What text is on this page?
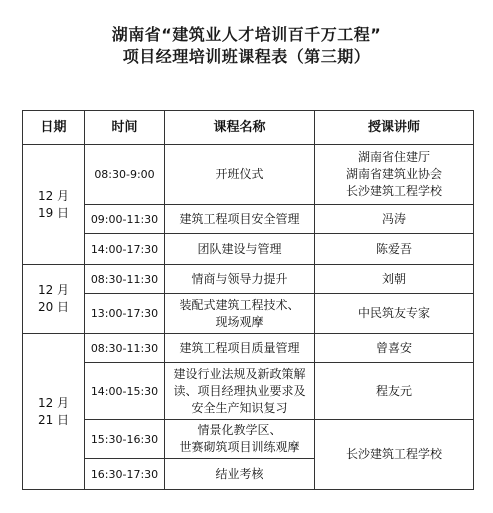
湖南省“建筑业人才培训百千万工程”
项目经理培训班课程表（第三期）
日期	时间	课程名称	授课讲师

12 月
19 日	08:30-9:00	开班仪式	湖南省住建厅
湖南省建筑业协会
长沙建筑工程学校

	09:00-11:30	建筑工程项目安全管理	冯涛

	14:00-17:30	团队建设与管理	陈爱吾

12 月
20 日	08:30-11:30	情商与领导力提升	刘朝

	13:00-17:30	装配式建筑工程技术、
现场观摩	中民筑友专家

12 月
21 日	08:30-11:30	建筑工程项目质量管理	曾喜安

	14:00-15:30	建设行业法规及新政策解
读、项目经理执业要求及
安全生产知识复习	程友元

	15:30-16:30	情景化教学区、
世赛砌筑项目训练观摩	长沙建筑工程学校

	16:30-17:30	结业考核	
